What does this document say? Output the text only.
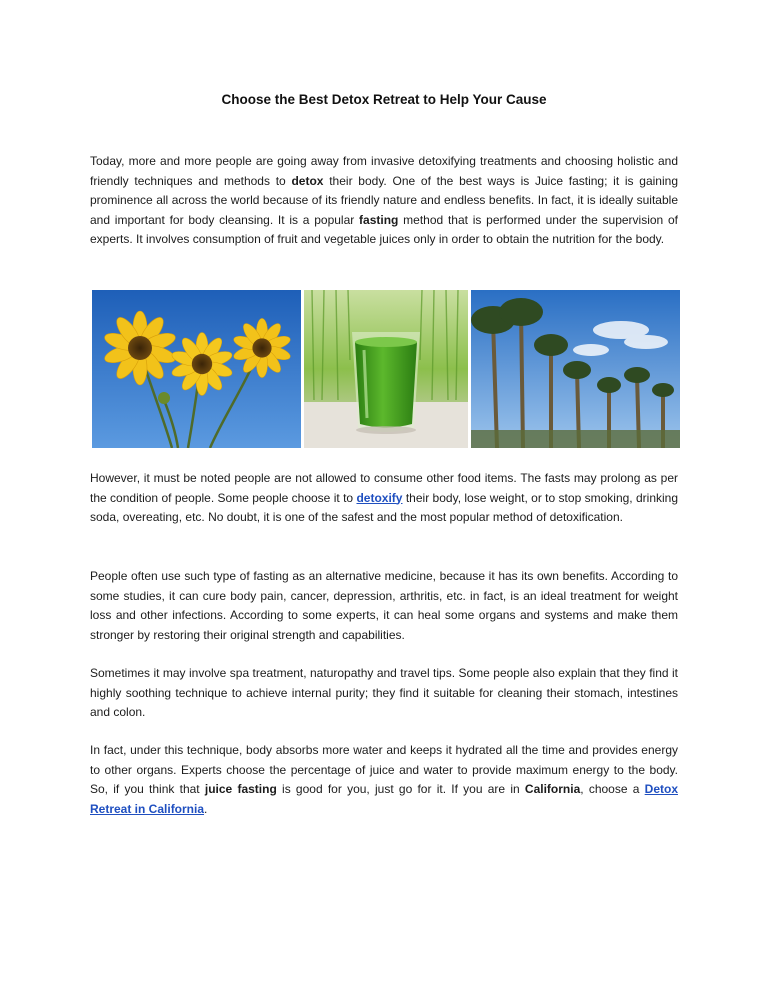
Choose the Best Detox Retreat to Help Your Cause

Today, more and more people are going away from invasive detoxifying treatments and choosing holistic and friendly techniques and methods to detox their body. One of the best ways is Juice fasting; it is gaining prominence all across the world because of its friendly nature and endless benefits. In fact, it is ideally suitable and important for body cleansing. It is a popular fasting method that is performed under the supervision of experts. It involves consumption of fruit and vegetable juices only in order to obtain the nutrition for the body.

However, it must be noted people are not allowed to consume other food items. The fasts may prolong as per the condition of people. Some people choose it to detoxify their body, lose weight, or to stop smoking, drinking soda, overeating, etc. No doubt, it is one of the safest and the most popular method of detoxification.

People often use such type of fasting as an alternative medicine, because it has its own benefits. According to some studies, it can cure body pain, cancer, depression, arthritis, etc. in fact, is an ideal treatment for weight loss and other infections. According to some experts, it can heal some organs and systems and make them stronger by restoring their original strength and capabilities.

Sometimes it may involve spa treatment, naturopathy and travel tips. Some people also explain that they find it highly soothing technique to achieve internal purity; they find it suitable for cleaning their stomach, intestines and colon.

In fact, under this technique, body absorbs more water and keeps it hydrated all the time and provides energy to other organs. Experts choose the percentage of juice and water to provide maximum energy to the body. So, if you think that juice fasting is good for you, just go for it. If you are in California, choose a Detox Retreat in California.
